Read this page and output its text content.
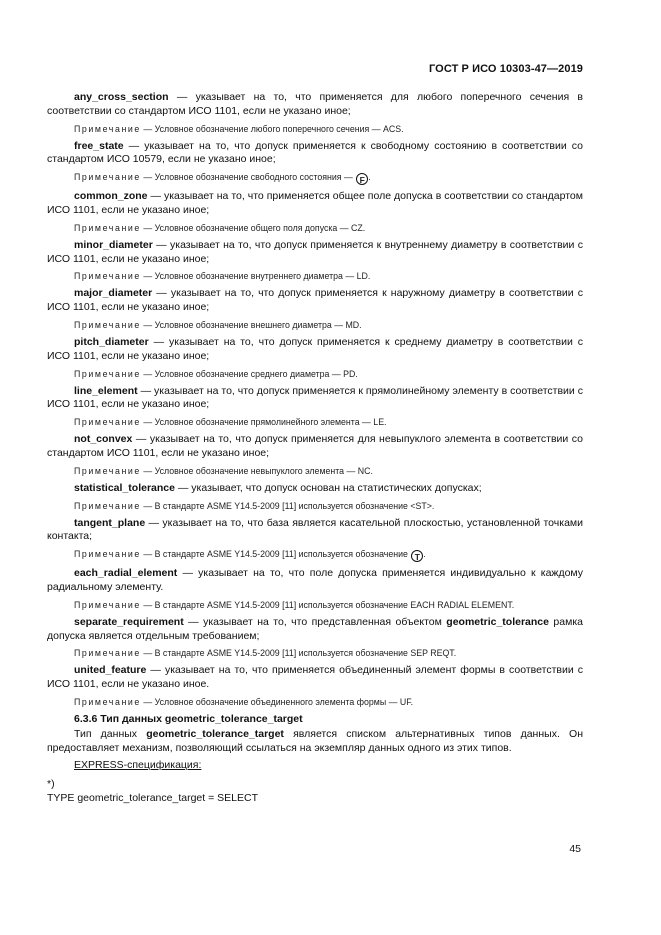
ГОСТ Р ИСО 10303-47—2019

any_cross_section — указывает на то, что применяется для любого поперечного сечения в соответствии со стандартом ИСО 1101, если не указано иное;

Примечание — Условное обозначение любого поперечного сечения — ACS.

free_state — указывает на то, что допуск применяется к свободному состоянию в соответствии со стандартом ИСО 10579, если не указано иное;

Примечание — Условное обозначение свободного состояния — F .

common_zone — указывает на то, что применяется общее поле допуска в соответствии со стандартом ИСО 1101, если не указано иное;

Примечание — Условное обозначение общего поля допуска — CZ.

minor_diameter — указывает на то, что допуск применяется к внутреннему диаметру в соответствии с ИСО 1101, если не указано иное;

Примечание — Условное обозначение внутреннего диаметра — LD.

major_diameter — указывает на то, что допуск применяется к наружному диаметру в соответствии с ИСО 1101, если не указано иное;

Примечание — Условное обозначение внешнего диаметра — MD.

pitch_diameter — указывает на то, что допуск применяется к среднему диаметру в соответствии с ИСО 1101, если не указано иное;

Примечание — Условное обозначение среднего диаметра — PD.

line_element — указывает на то, что допуск применяется к прямолинейному элементу в соответствии с ИСО 1101, если не указано иное;

Примечание — Условное обозначение прямолинейного элемента — LE.

not_convex — указывает на то, что допуск применяется для невыпуклого элемента в соответствии со стандартом ИСО 1101, если не указано иное;

Примечание — Условное обозначение невыпуклого элемента — NC.

statistical_tolerance — указывает, что допуск основан на статистических допусках;

Примечание — В стандарте ASME Y14.5-2009 [11] используется обозначение <ST>.

tangent_plane — указывает на то, что база является касательной плоскостью, установленной точками контакта;

Примечание — В стандарте ASME Y14.5-2009 [11] используется обозначение T .

each_radial_element — указывает на то, что поле допуска применяется индивидуально к каждому радиальному элементу.

Примечание — В стандарте ASME Y14.5-2009 [11] используется обозначение EACH RADIAL ELEMENT.

separate_requirement — указывает на то, что представленная объектом geometric_tolerance рамка допуска является отдельным требованием;

Примечание — В стандарте ASME Y14.5-2009 [11] используется обозначение SEP REQT.

united_feature — указывает на то, что применяется объединенный элемент формы в соответствии с ИСО 1101, если не указано иное.

Примечание — Условное обозначение объединенного элемента формы — UF.

6.3.6 Тип данных geometric_tolerance_target

Тип данных geometric_tolerance_target является списком альтернативных типов данных. Он предоставляет механизм, позволяющий ссылаться на экземпляр данных одного из этих типов.

EXPRESS-спецификация:

*)

TYPE geometric_tolerance_target = SELECT

45
